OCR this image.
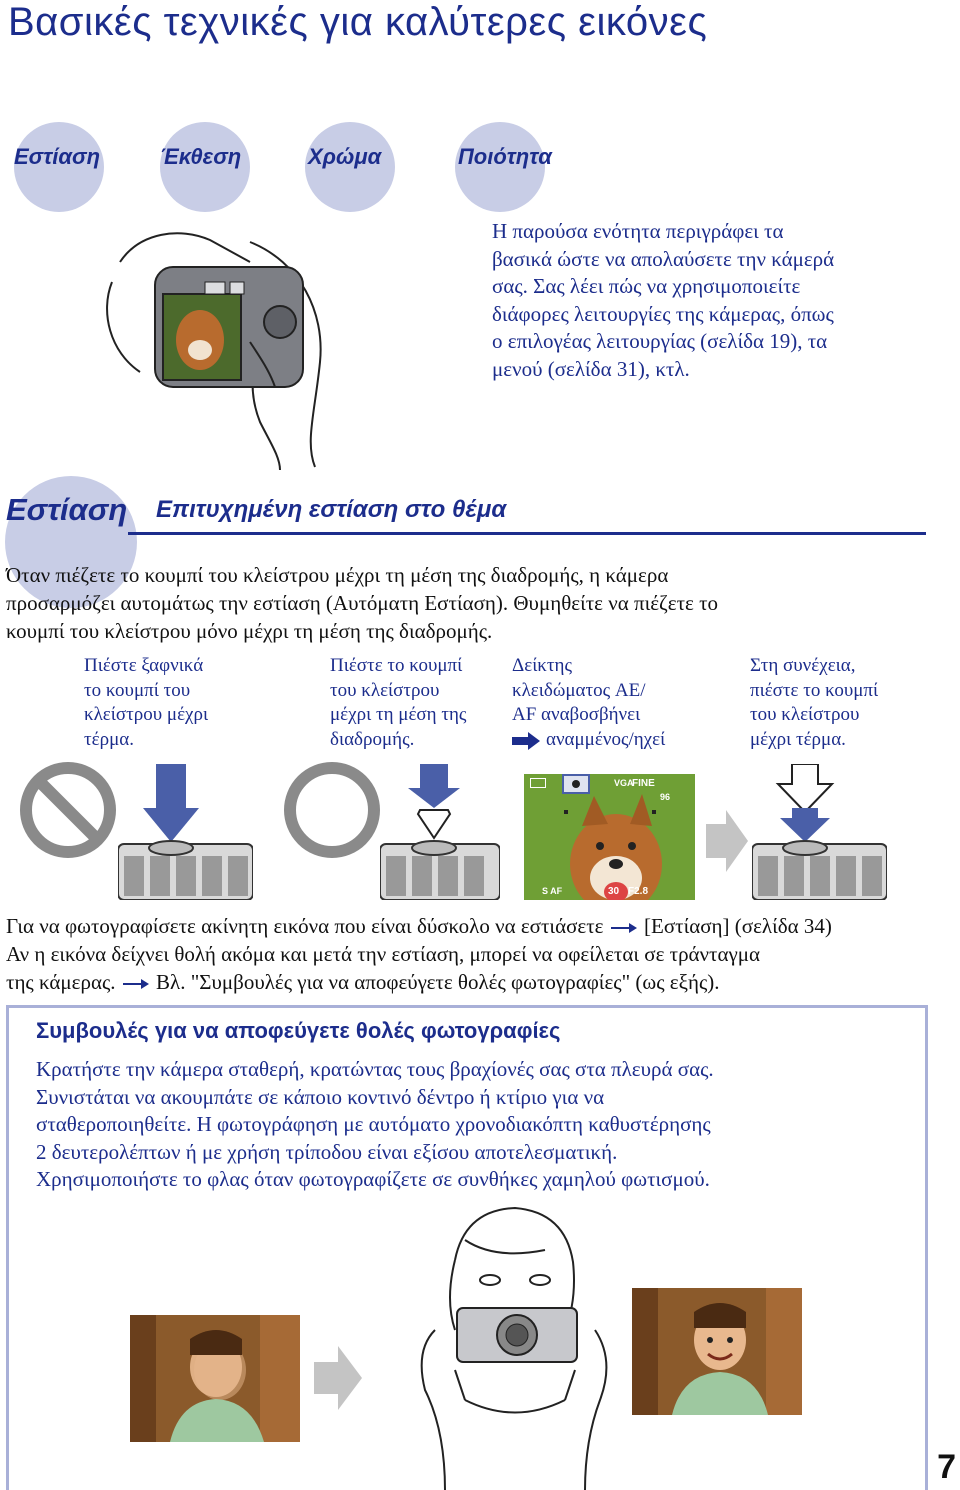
Βασικές τεχνικές για καλύτερες εικόνες
Εστίαση	Έκθεση	Χρώμα	Ποιότητα
Η παρούσα ενότητα περιγράφει τα
βασικά ώστε να απολαύσετε την κάμερά
σας. Σας λέει πώς να χρησιμοποιείτε
διάφορες λειτουργίες της κάμερας, όπως
ο επιλογέας λειτουργίας (σελίδα 19), τα
μενού (σελίδα 31), κτλ.
Εστίαση Επιτυχημένη εστίαση στο θέμα
Όταν πιέζετε το κουμπί του κλείστρου μέχρι τη μέση της διαδρομής, η κάμερα
προσαρμόζει αυτομάτως την εστίαση (Αυτόματη Εστίαση). Θυμηθείτε να πιέζετε το
κουμπί του κλείστρου μόνο μέχρι τη μέση της διαδρομής.
Πιέστε ξαφνικά
το κουμπί του
κλείστρου μέχρι
τέρμα.
Πιέστε το κουμπί
του κλείστρου
μέχρι τη μέση της
διαδρομής.
Δείκτης
κλειδώματος AE/
AF αναβοσβήνει
αναμμένος/ηχεί
Στη συνέχεια,
πιέστε το κουμπί
του κλείστρου
μέχρι τέρμα.
VGA
FINE
96
S AF	30 F2.8
Για να φωτογραφίσετε ακίνητη εικόνα που είναι δύσκολο να εστιάσετε [Εστίαση] (σελίδα 34)
Αν η εικόνα δείχνει θολή ακόμα και μετά την εστίαση, μπορεί να οφείλεται σε τράνταγμα
της κάμερας. Βλ. "Συμβουλές για να αποφεύγετε θολές φωτογραφίες" (ως εξής).
Συμβουλές για να αποφεύγετε θολές φωτογραφίες
Κρατήστε την κάμερα σταθερή, κρατώντας τους βραχίονές σας στα πλευρά σας.
Συνιστάται να ακουμπάτε σε κάποιο κοντινό δέντρο ή κτίριο για να
σταθεροποιηθείτε. Η φωτογράφηση με αυτόματο χρονοδιακόπτη καθυστέρησης
2 δευτερολέπτων ή με χρήση τρίποδου είναι εξίσου αποτελεσματική.
Χρησιμοποιήστε το φλας όταν φωτογραφίζετε σε συνθήκες χαμηλού φωτισμού.
7
